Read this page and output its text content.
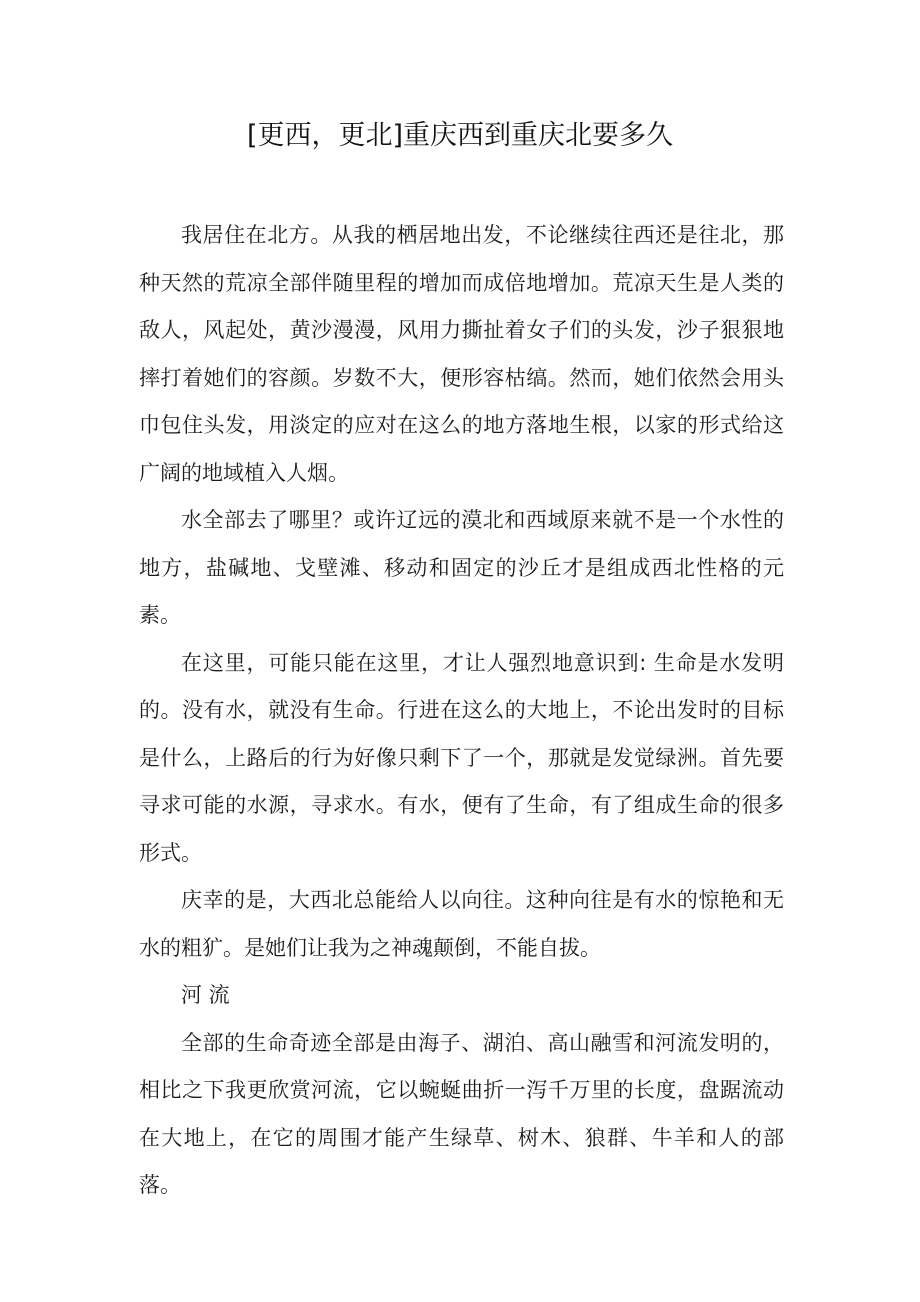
[更西，更北]重庆西到重庆北要多久

我居住在北方。从我的栖居地出发，不论继续往西还是往北，那种天然的荒凉全部伴随里程的增加而成倍地增加。荒凉天生是人类的敌人，风起处，黄沙漫漫，风用力撕扯着女子们的头发，沙子狠狠地摔打着她们的容颜。岁数不大，便形容枯缟。然而，她们依然会用头巾包住头发，用淡定的应对在这么的地方落地生根，以家的形式给这广阔的地域植入人烟。

水全部去了哪里？或许辽远的漠北和西域原来就不是一个水性的地方，盐碱地、戈壁滩、移动和固定的沙丘才是组成西北性格的元素。

在这里，可能只能在这里，才让人强烈地意识到: 生命是水发明的。没有水，就没有生命。行进在这么的大地上，不论出发时的目标是什么，上路后的行为好像只剩下了一个，那就是发觉绿洲。首先要寻求可能的水源，寻求水。有水，便有了生命，有了组成生命的很多形式。

庆幸的是，大西北总能给人以向往。这种向往是有水的惊艳和无水的粗犷。是她们让我为之神魂颠倒，不能自拔。

河 流

全部的生命奇迹全部是由海子、湖泊、高山融雪和河流发明的，相比之下我更欣赏河流，它以蜿蜒曲折一泻千万里的长度，盘踞流动在大地上，在它的周围才能产生绿草、树木、狼群、牛羊和人的部落。
